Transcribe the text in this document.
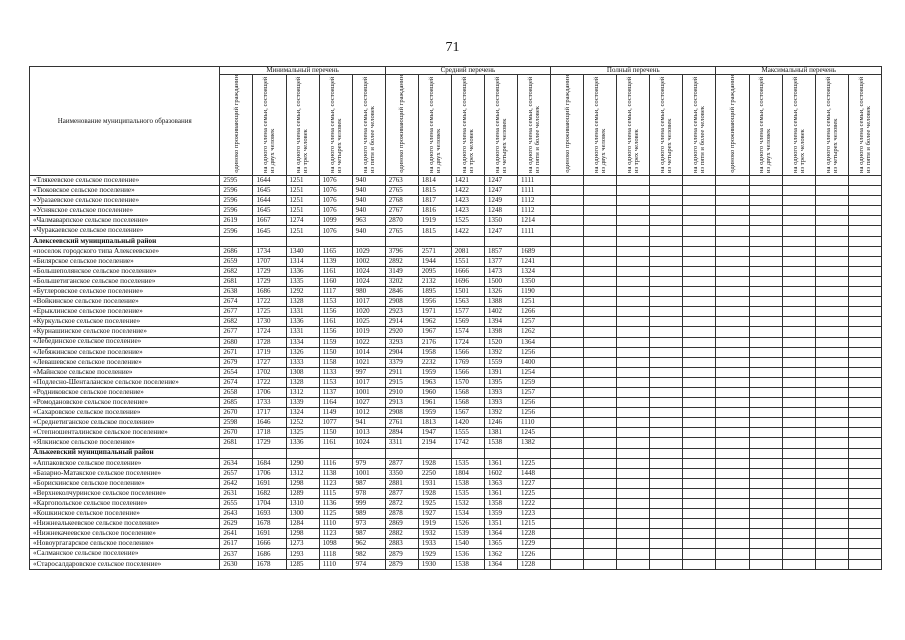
71
Наименование муниципального образования	Минимальный перечень					Средний перечень					Полный перечень					Максимальный перечень				
	одиноко проживающий гражданин	на одного члена семьи, состоящей из двух человек	на одного члена семьи, состоящей из трех человек	на одного члена семьи, состоящей из четырех человек	на одного члена семьи, состоящей из пяти и более человек	одиноко проживающий гражданин	на одного члена семьи, состоящей из двух человек	на одного члена семьи, состоящей из трех человек	на одного члена семьи, состоящей из четырех человек	на одного члена семьи, состоящей из пяти и более человек	одиноко проживающий гражданин	на одного члена семьи, состоящей из двух человек	на одного члена семьи, состоящей из трех человек	на одного члена семьи, состоящей из четырех человек	на одного члена семьи, состоящей из пяти и более человек	одиноко проживающий гражданин	на одного члена семьи, состоящей из двух человек	на одного члена семьи, состоящей из трех человек	на одного члена семьи, состоящей из четырех человек	на одного члена семьи, состоящей из пяти и более человек
«Тлякеевское сельское поселение»	2595	1644	1251	1076	940	2763	1814	1421	1247	1111										
«Тюковское сельское поселение»	2596	1645	1251	1076	940	2765	1815	1422	1247	1111										
«Уразаевское сельское поселение»	2596	1644	1251	1076	940	2768	1817	1423	1249	1112										
«Уснякское сельское поселение»	2596	1645	1251	1076	940	2767	1816	1423	1248	1112										
«Чалмаварпское сельское поселение»	2619	1667	1274	1099	963	2870	1919	1525	1350	1214										
«Чуракаевское сельское поселение»	2596	1645	1251	1076	940	2765	1815	1422	1247	1111										
Алексеевский муниципальный район																				
«поселок городского типа Алексеевское»	2686	1734	1340	1165	1029	3796	2571	2081	1857	1689										
«Билярское сельское поселение»	2659	1707	1314	1139	1002	2892	1944	1551	1377	1241										
«Большеполянское сельское поселение»	2682	1729	1336	1161	1024	3149	2095	1666	1473	1324										
«Большетиганское сельское поселение»	2681	1729	1335	1160	1024	3202	2132	1696	1500	1350										
«Бутлеровское сельское поселение»	2638	1686	1292	1117	980	2846	1895	1501	1326	1190										
«Войкинское сельское поселение»	2674	1722	1328	1153	1017	2908	1956	1563	1388	1251										
«Ерыклинское сельское поселение»	2677	1725	1331	1156	1020	2923	1971	1577	1402	1266										
«Куркульское сельское поселение»	2682	1730	1336	1161	1025	2914	1962	1569	1394	1257										
«Курнашинское сельское поселение»	2677	1724	1331	1156	1019	2920	1967	1574	1398	1262										
«Лебединское сельское поселение»	2680	1728	1334	1159	1022	3293	2176	1724	1520	1364										
«Лебяжинское сельское поселение»	2671	1719	1326	1150	1014	2904	1958	1566	1392	1256										
«Левашевское сельское поселение»	2679	1727	1333	1158	1021	3379	2232	1769	1559	1400										
«Майнское сельское поселение»	2654	1702	1308	1133	997	2911	1959	1566	1391	1254										
«Подлесно-Шентала́нское сельское поселение»	2674	1722	1328	1153	1017	2915	1963	1570	1395	1259										
«Родниковское сельское поселение»	2658	1706	1312	1137	1001	2910	1960	1568	1393	1257										
«Ромодановское сельское поселение»	2685	1733	1339	1164	1027	2913	1961	1568	1393	1256										
«Сахаровское сельское поселение»	2670	1717	1324	1149	1012	2908	1959	1567	1392	1256										
«Среднетиганское сельское поселение»	2598	1646	1252	1077	941	2761	1813	1420	1246	1110										
«Степношенталинское сельское поселение»	2670	1718	1325	1150	1013	2894	1947	1555	1381	1245										
«Ялкинское сельское поселение»	2681	1729	1336	1161	1024	3311	2194	1742	1538	1382										
Алькеевский муниципальный район																				
«Аппаковское сельское поселение»	2634	1684	1290	1116	979	2877	1928	1535	1361	1225										
«Базарно-Матакское сельское поселение»	2657	1706	1312	1138	1001	3350	2250	1804	1602	1448										
«Борискинское сельское поселение»	2642	1691	1298	1123	987	2881	1931	1538	1363	1227										
«Верхнеколчуринское сельское поселение»	2631	1682	1289	1115	978	2877	1928	1535	1361	1225										
«Каргопольское сельское поселение»	2655	1704	1310	1136	999	2872	1925	1532	1358	1222										
«Кошкинское сельское поселение»	2643	1693	1300	1125	989	2878	1927	1534	1359	1223										
«Нижнеалькеевское сельское поселение»	2629	1678	1284	1110	973	2869	1919	1526	1351	1215										
«Нижнекачеевское сельское поселение»	2641	1691	1298	1123	987	2882	1932	1539	1364	1228										
«Новоургагарское сельское поселение»	2617	1666	1273	1098	962	2883	1933	1540	1365	1229										
«Салманское сельское поселение»	2637	1686	1293	1118	982	2879	1929	1536	1362	1226										
«Старосалдаровское сельское поселение»	2630	1678	1285	1110	974	2879	1930	1538	1364	1228										
